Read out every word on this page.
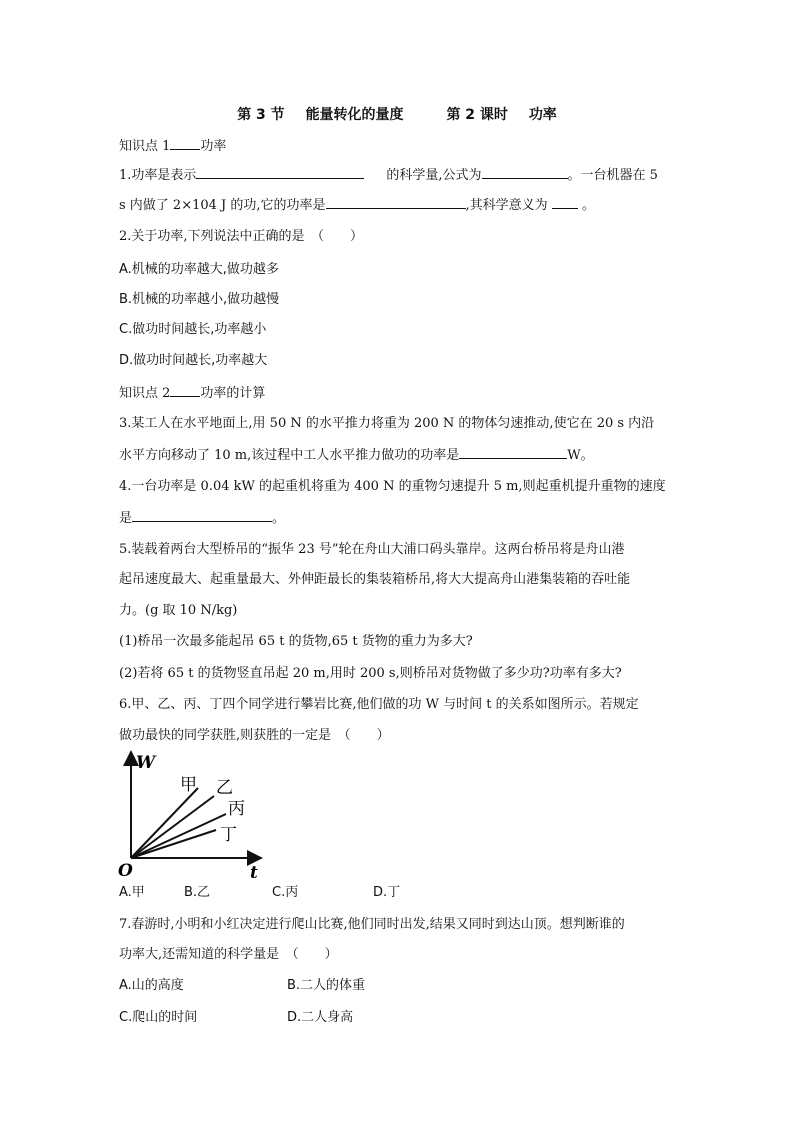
第 3 节 能量转化的量度	第 2 课时 功率
知识点 1 功率
1.功率是表示	的科学量,公式为	。一台机器在 5
s 内做了 2×104 J 的功,它的功率是	,其科学意义为	。
2.关于功率,下列说法中正确的是　（　　）
A.机械的功率越大,做功越多
B.机械的功率越小,做功越慢
C.做功时间越长,功率越小
D.做功时间越长,功率越大
知识点 2 功率的计算
3.某工人在水平地面上,用 50 N 的水平推力将重为 200 N 的物体匀速推动,使它在 20 s 内沿
水平方向移动了 10 m,该过程中工人水平推力做功的功率是	W。
4.一台功率是 0.04 kW 的起重机将重为 400 N 的重物匀速提升 5 m,则起重机提升重物的速度
是	。
5.装载着两台大型桥吊的“振华 23 号”轮在舟山大浦口码头靠岸。这两台桥吊将是舟山港
起吊速度最大、起重量最大、外伸距最长的集装箱桥吊,将大大提高舟山港集装箱的吞吐能
力。(g 取 10 N/kg)
(1)桥吊一次最多能起吊 65 t 的货物,65 t 货物的重力为多大?
(2)若将 65 t 的货物竖直吊起 20 m,用时 200 s,则桥吊对货物做了多少功?功率有多大?
6.甲、乙、丙、丁四个同学进行攀岩比赛,他们做的功 W 与时间 t 的关系如图所示。若规定
做功最快的同学获胜,则获胜的一定是　（　　）
W
t
O
甲 乙
丙
丁
A.甲	B.乙	C.丙	D.丁
7.春游时,小明和小红决定进行爬山比赛,他们同时出发,结果又同时到达山顶。想判断谁的
功率大,还需知道的科学量是　（　　）
A.山的高度	B.二人的体重
C.爬山的时间	D.二人身高
